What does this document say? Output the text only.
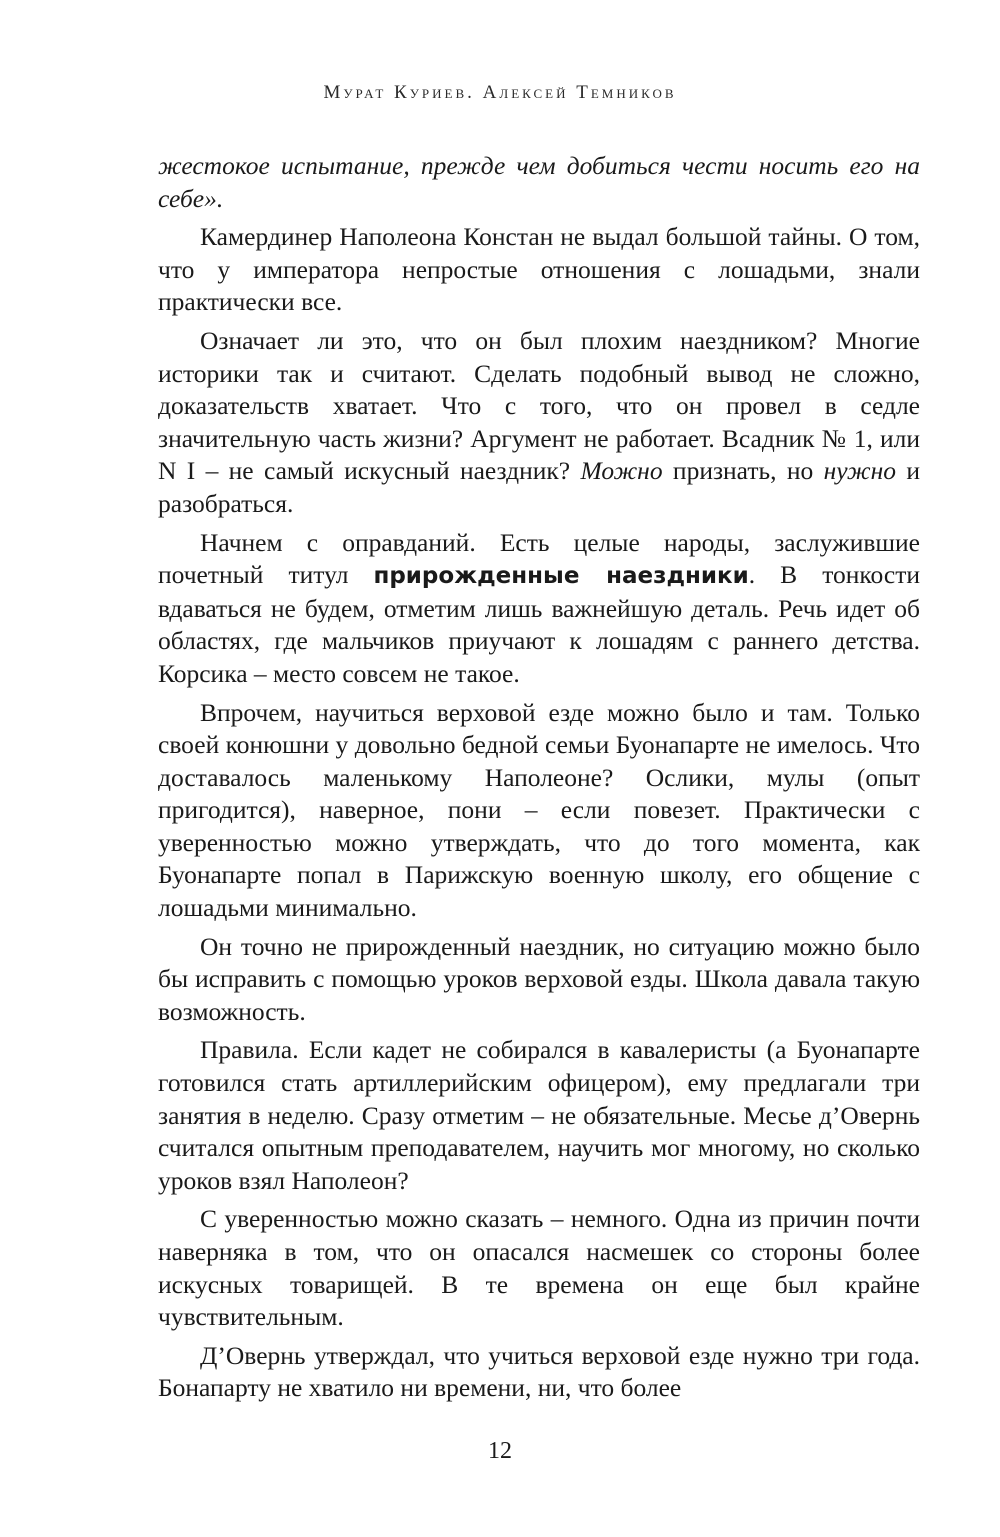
Мурат Куриев. Алексей Темников

жестокое испытание, прежде чем добиться чести носить его на себе».

Камердинер Наполеона Констан не выдал большой тайны. О том, что у императора непростые отношения с лошадьми, знали практически все.

Означает ли это, что он был плохим наездником? Многие историки так и считают. Сделать подобный вывод не сложно, доказательств хватает. Что с того, что он провел в седле значительную часть жизни? Аргумент не работает. Всадник № 1, или N I – не самый искусный наездник? Можно признать, но нужно и разобраться.

Начнем с оправданий. Есть целые народы, заслужившие почетный титул прирожденные наездники. В тонкости вдаваться не будем, отметим лишь важнейшую деталь. Речь идет об областях, где мальчиков приучают к лошадям с раннего детства. Корсика – место совсем не такое.

Впрочем, научиться верховой езде можно было и там. Только своей конюшни у довольно бедной семьи Буонапарте не имелось. Что доставалось маленькому Наполеоне? Ослики, мулы (опыт пригодится), наверное, пони – если повезет. Практически с уверенностью можно утверждать, что до того момента, как Буонапарте попал в Парижскую военную школу, его общение с лошадьми минимально.

Он точно не прирожденный наездник, но ситуацию можно было бы исправить с помощью уроков верховой езды. Школа давала такую возможность.

Правила. Если кадет не собирался в кавалеристы (а Буонапарте готовился стать артиллерийским офицером), ему предлагали три занятия в неделю. Сразу отметим – не обязательные. Месье д’Овернь считался опытным преподавателем, научить мог многому, но сколько уроков взял Наполеон?

С уверенностью можно сказать – немного. Одна из причин почти наверняка в том, что он опасался насмешек со стороны более искусных товарищей. В те времена он еще был крайне чувствительным.

Д’Овернь утверждал, что учиться верховой езде нужно три года. Бонапарту не хватило ни времени, ни, что более

12
